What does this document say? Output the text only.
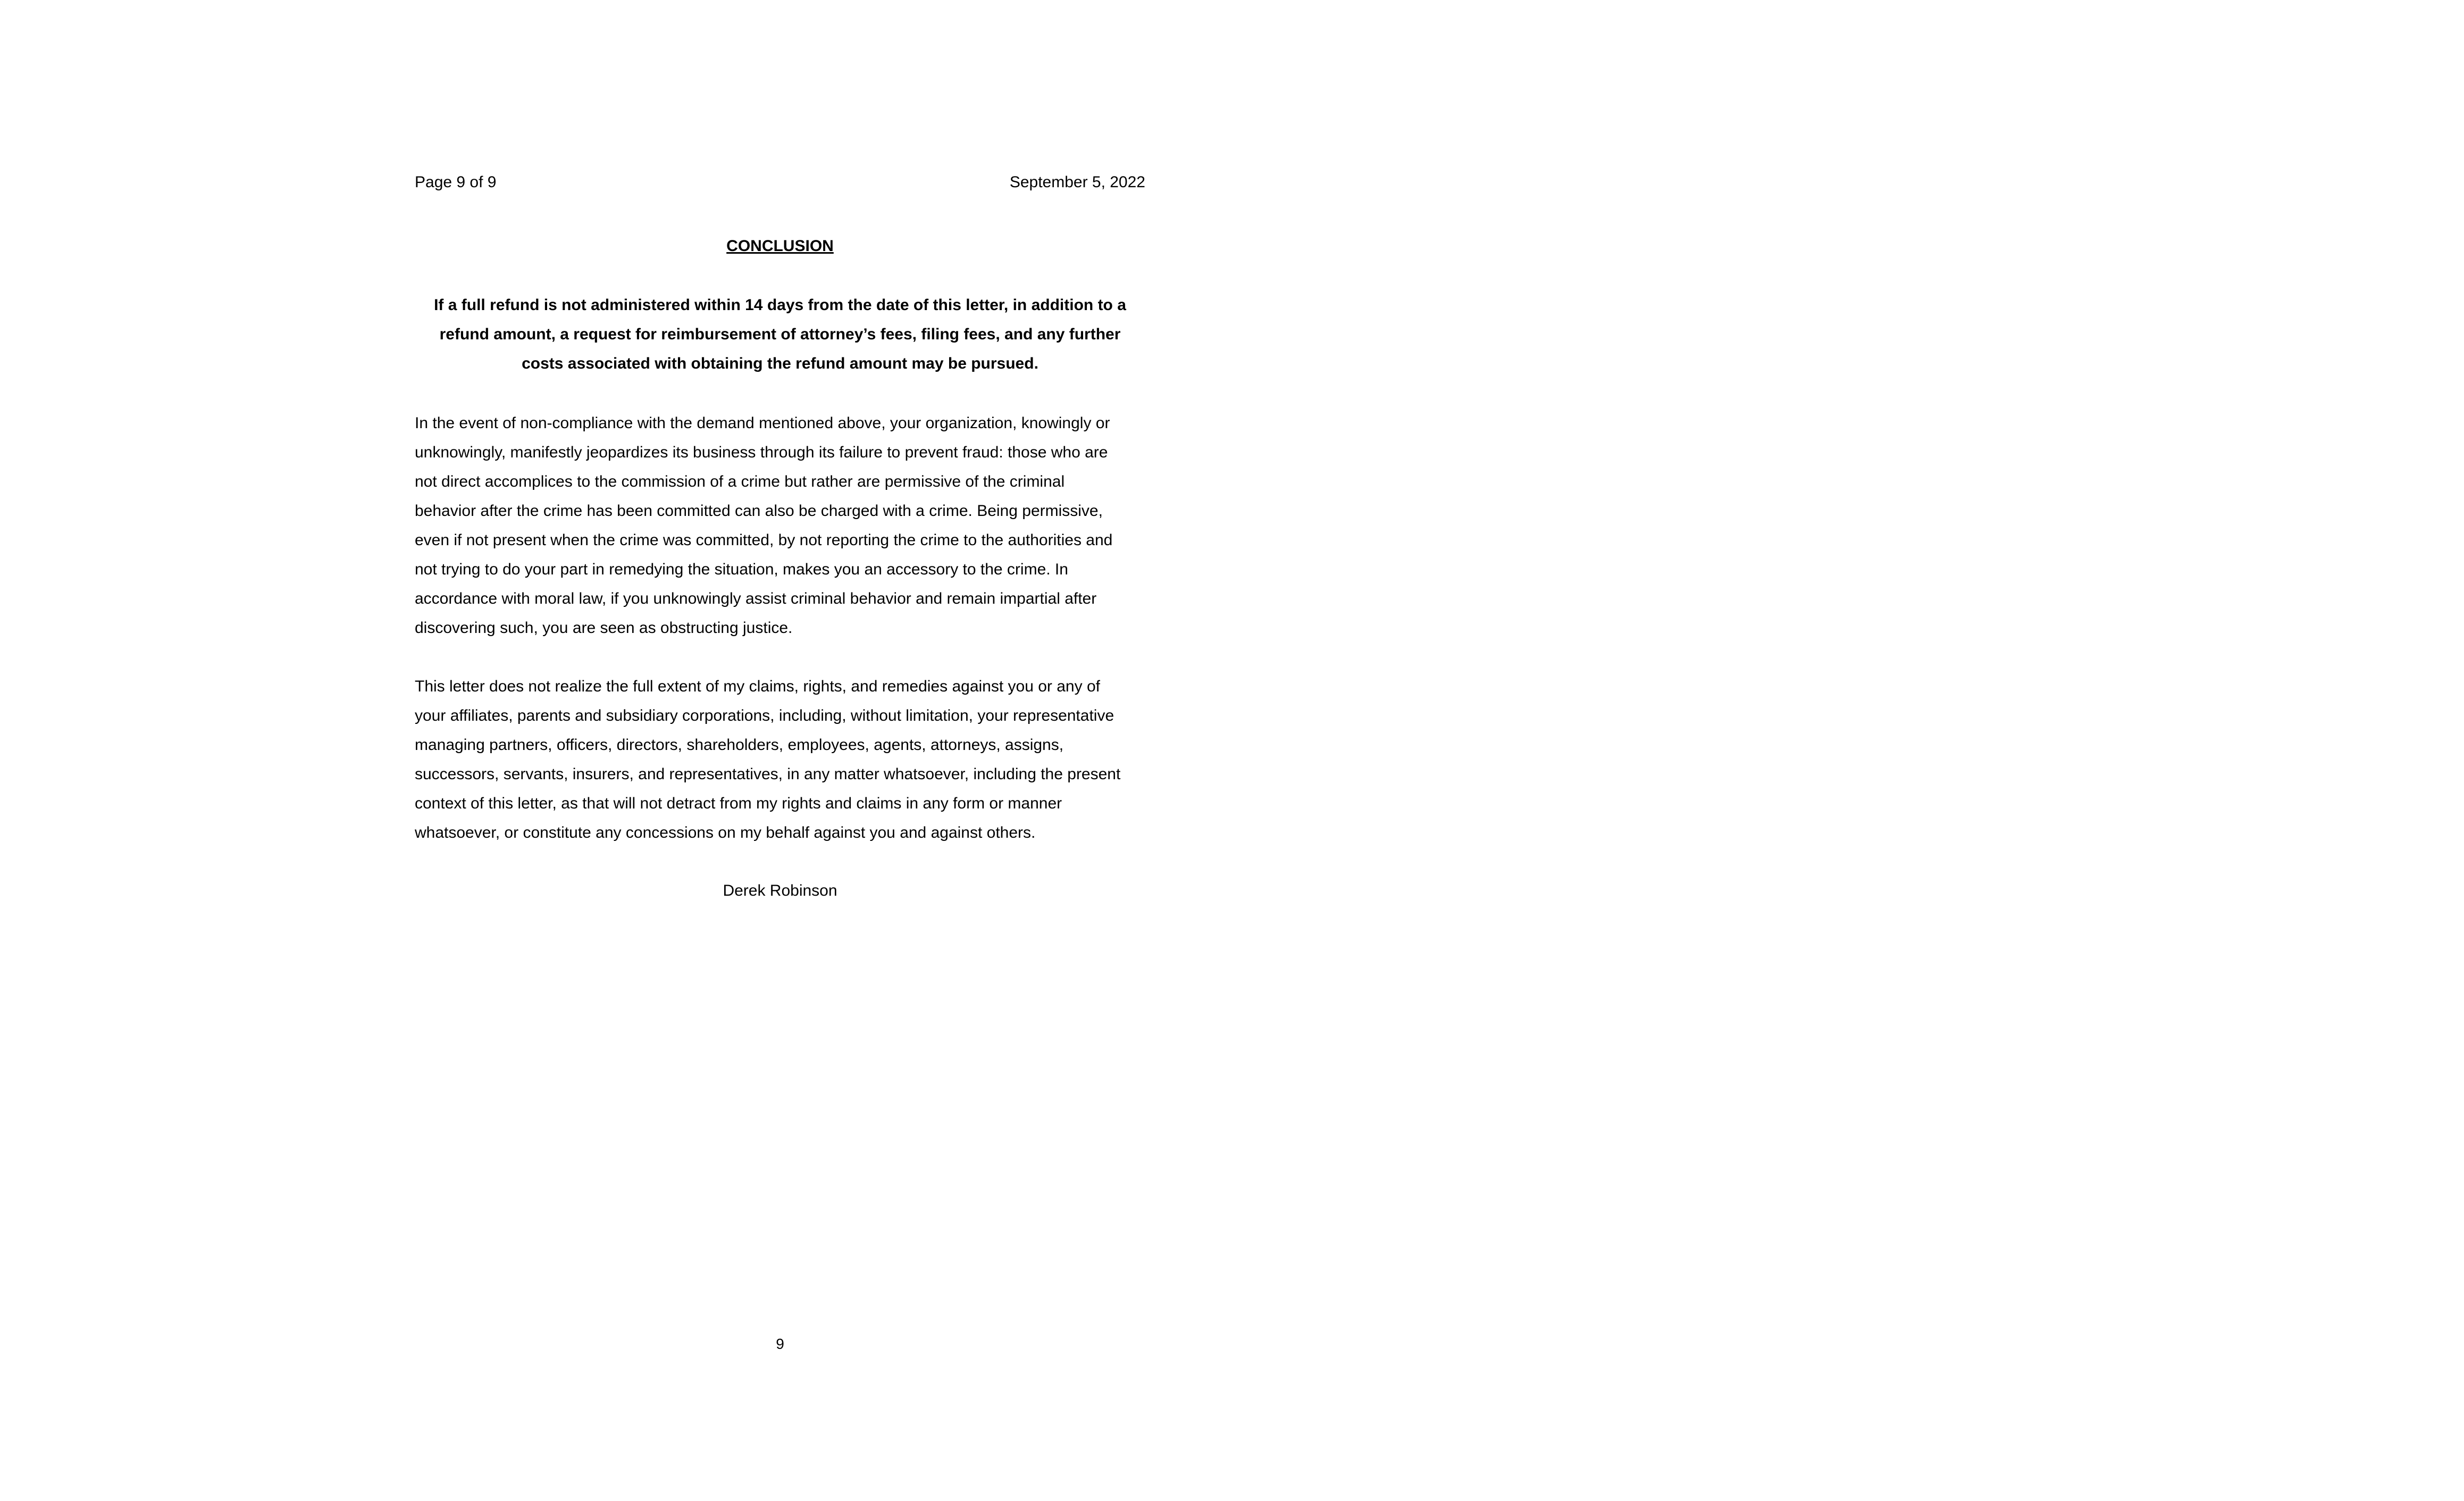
Page 9 of 9	September 5, 2022
CONCLUSION
If a full refund is not administered within 14 days from the date of this letter, in addition to a
refund amount, a request for reimbursement of attorney’s fees, filing fees, and any further
costs associated with obtaining the refund amount may be pursued.
In the event of non-compliance with the demand mentioned above, your organization, knowingly or
unknowingly, manifestly jeopardizes its business through its failure to prevent fraud: those who are
not direct accomplices to the commission of a crime but rather are permissive of the criminal
behavior after the crime has been committed can also be charged with a crime. Being permissive,
even if not present when the crime was committed, by not reporting the crime to the authorities and
not trying to do your part in remedying the situation, makes you an accessory to the crime. In
accordance with moral law, if you unknowingly assist criminal behavior and remain impartial after
discovering such, you are seen as obstructing justice.
This letter does not realize the full extent of my claims, rights, and remedies against you or any of
your affiliates, parents and subsidiary corporations, including, without limitation, your representative
managing partners, officers, directors, shareholders, employees, agents, attorneys, assigns,
successors, servants, insurers, and representatives, in any matter whatsoever, including the present
context of this letter, as that will not detract from my rights and claims in any form or manner
whatsoever, or constitute any concessions on my behalf against you and against others.
Derek Robinson
9
